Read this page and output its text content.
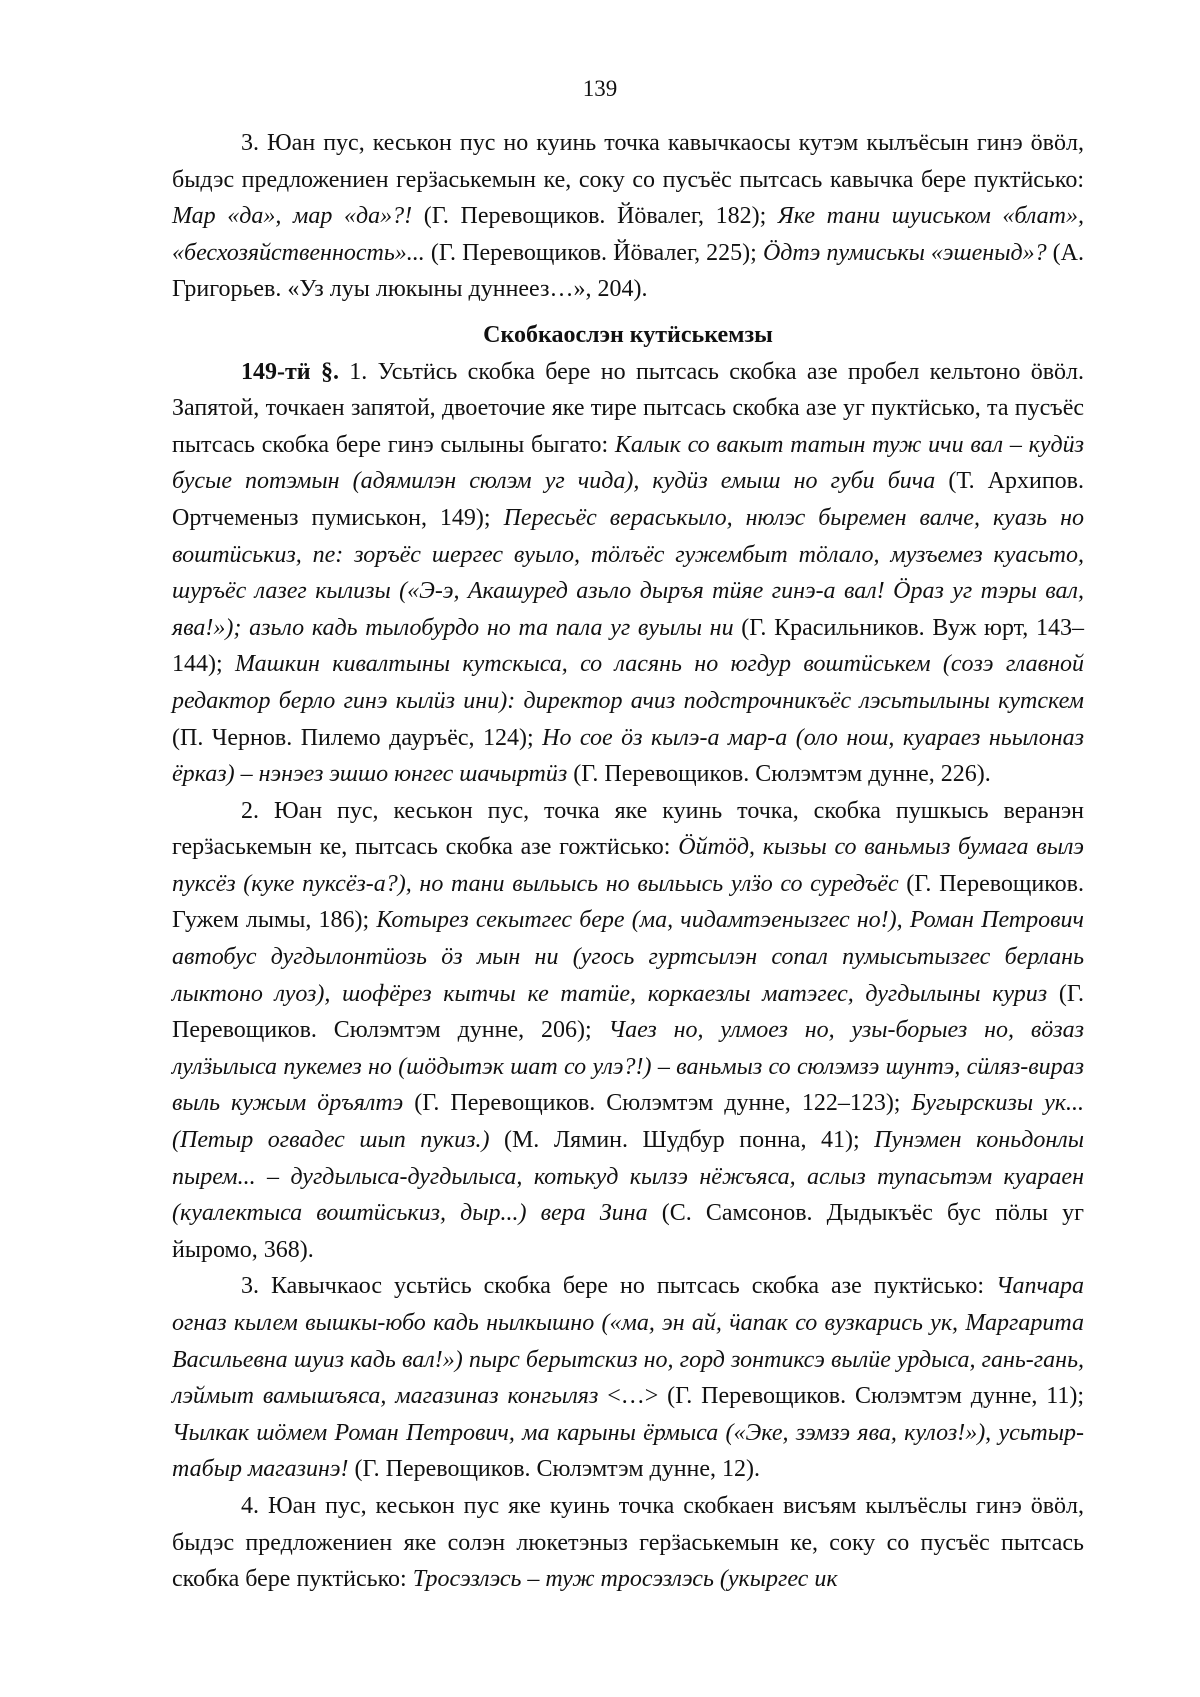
139

3. Юан пус, кеськон пус но куинь точка кавычкаосы кутэм кылъёсын гинэ ӧвӧл, быдэс предложениен герӟаськемын ке, соку со пусъёс пытсась кавычка бере пуктӥсько: Мар «да», мар «да»?! (Г. Перевощиков. Йӧвалег, 182); Яке тани шуиськом «блат», «бесхозяйственность»... (Г. Перевощиков. Йӧвалег, 225); Ӧдтэ пумиськы «эшеныд»? (А. Григорьев. «Уз луы люкыны дуннеез…», 204).

Скобкаослэн кутӥськемзы

149-тӥ §. 1. Усьтӥсь скобка бере но пытсась скобка азе пробел кельтоно ӧвӧл. Запятой, точкаен запятой, двоеточие яке тире пытсась скобка азе уг пуктӥсько, та пусъёс пытсась скобка бере гинэ сылыны быгато: Калык со вакыт татын туж ичи вал – кудӥз бусые потэмын (адямилэн сюлэм уг чида), кудӥз емыш но губи бича (Т. Архипов. Ортчеменыз пумиськон, 149); Пересьёс вераськыло, нюлэс быремен валче, куазь но воштӥськиз, пе: зоръёс шергес вуыло, тӧлъёс гужембыт тӧлало, музъемез куасьто, шуръёс лазег кылизы («Э-э, Акашуред азьло дыръя тӥяе гинэ-а вал! Ӧраз уг тэры вал, ява!»); азьло кадь тылобурдо но та пала уг вуылы ни (Г. Красильников. Вуж юрт, 143–144); Машкин кивалтыны кутскыса, со ласянь но югдур воштӥськем (сoзэ главной редактор берло гинэ кылӥз ини): директор ачиз подстрочникъёс лэсьтылыны кутскем (П. Чернов. Пилемо дауръёс, 124); Но сое ӧз кылэ-а мар-а (оло нош, куараез ньылоназ ёрказ) – нэнэез эшшо юнгес шачыртӥз (Г. Перевощиков. Сюлэмтэм дунне, 226).

2. Юан пус, кеськон пус, точка яке куинь точка, скобка пушкысь веранэн герӟаськемын ке, пытсась скобка азе гожтӥсько: Ӧйтӧд, кызьы со ваньмыз бумага вылэ пуксёз (куке пуксёз-а?), но тани выльысь но выльысь улӟо со суредъёс (Г. Перевощиков. Гужем лымы, 186); Котырез секытгес бере (ма, чидамтэенызгес но!), Роман Петрович автобус дугдылонтӥозь ӧз мын ни (угось гуртсылэн сопал пумысьтызгес берлань лыктоно луоз), шофёрез кытчы ке татӥе, коркаезлы матэгес, дугдылыны куриз (Г. Перевощиков. Сюлэмтэм дунне, 206); Чаез но, улмоез но, узы-борыез но, вӧзаз лулӟылыса пукемез но (шӧдытэк шат со улэ?!) – ваньмыз со сюлэмзэ шунтэ, сӥляз-вираз выль кужым ӧръялтэ (Г. Перевощиков. Сюлэмтэм дунне, 122–123); Бугырскизы ук... (Петыр огвадес шып пукиз.) (М. Лямин. Шудбур понна, 41); Пунэмен коньдонлы пырем... – дугдылыса-дугдылыса, котькуд кылзэ нёжъяса, аслыз тупасьтэм куараен (куалектыса воштӥськиз, дыр...) вера Зина (С. Самсонов. Дыдыкъёс бус пӧлы уг йыромо, 368).

3. Кавычкаос усьтӥсь скобка бере но пытсась скобка азе пуктӥсько: Чапчара огназ кылем вышкы-юбо кадь нылкышно («ма, эн ай, ӵапак со вузкарись ук, Маргарита Васильевна шуиз кадь вал!») пырс берытскиз но, горд зонтиксэ вылӥе урдыса, гань-гань, лэймыт вамышъяса, магазиназ конгыляз <…> (Г. Перевощиков. Сюлэмтэм дунне, 11); Чылкак шӧмем Роман Петрович, ма карыны ёрмыса («Эке, зэмзэ ява, кулоз!»), усьтыр-табыр магазинэ! (Г. Перевощиков. Сюлэмтэм дунне, 12).

4. Юан пус, кеськон пус яке куинь точка скобкаен висъям кылъёслы гинэ ӧвӧл, быдэс предложениен яке солэн люкетэныз герӟаськемын ке, соку со пусъёс пытсась скобка бере пуктӥсько: Тросэзлэсь – туж тросэзлэсь (укыргес ик
